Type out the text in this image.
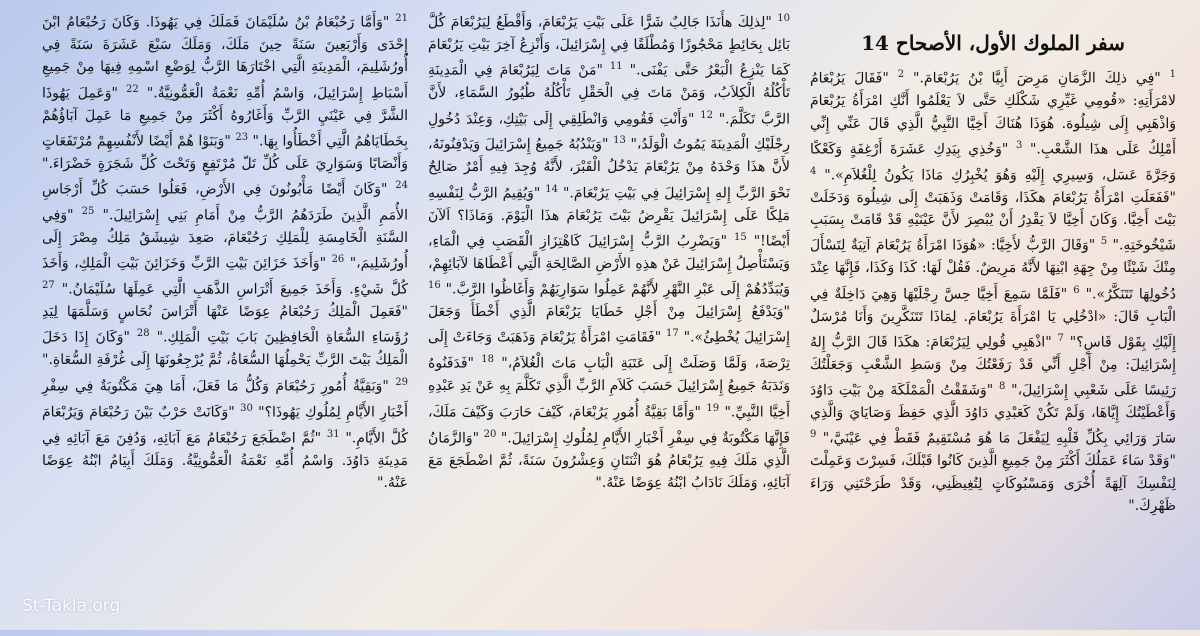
سفر الملوك الأول، الأصحاح 14
$^1$ "فِي ذلِكَ الزَّمَانِ مَرِضَ أَبِيَّا بْنُ يَرُبْعَامَ." $^2$ "فَقَالَ يَرُبْعَامُ لامْرَأَتِهِ: «قُومِي غَيِّرِي شَكْلَكِ حَتَّى لاَ يَعْلَمُوا أَنَّكِ امْرَأَةُ يَرُبْعَامَ وَاذْهَبِي إِلَى شِيلُوهَ. هُوَذَا هُنَاكَ أَخِيَّا النَّبِيُّ الَّذِي قَالَ عَنِّي إِنِّي أَمْلِكُ عَلَى هذَا الشَّعْبِ." $^3$ "وَخُذِي بِيَدِكِ عَشَرَةَ أَرْغِفَةٍ وَكَعْكًا وَجَرَّةَ عَسَل، وَسِيرِي إِلَيْهِ وَهُوَ يُخْبِرُكِ مَاذَا يَكُونُ لِلْغُلاَمِ»." $^4$ "فَفَعَلَتِ امْرَأَةُ يَرُبْعَامَ هكَذَا، وَقَامَتْ وَذَهَبَتْ إِلَى شِيلُوهَ وَدَخَلَتْ بَيْتَ أَخِيَّا. وَكَانَ أَخِيَّا لاَ يَقْدِرُ أَنْ يُبْصِرَ لأَنَّ عَيْنَيْهِ قَدْ قَامَتْ بِسَبَبِ شَيْخُوخَتِهِ." $^5$ "وَقَالَ الرَّبُّ لأَخِيَّا: «هُوَذَا امْرَأَةُ يَرُبْعَامَ آتِيَةٌ لِتَسْأَلَ مِنْكَ شَيْئًا مِنْ جِهَةِ ابْنِهَا لأَنَّهُ مَرِيضٌ. فَقُلْ لَهَا: كَذَا وَكَذَا، فَإِنَّهَا عِنْدَ دُخُولِهَا تَتَنَكَّرُ»." $^6$ "فَلَمَّا سَمِعَ أَخِيَّا حِسَّ رِجْلَيْهَا وَهِيَ دَاخِلَةٌ فِي الْبَابِ قَالَ: «ادْخُلِي يَا امْرَأَةَ يَرُبْعَامَ. لِمَاذَا تَتَنَكَّرِينَ وَأَنَا مُرْسَلٌ إِلَيْكِ بِقَوْل قَاسٍ؟" $^7$ "اذْهَبِي قُولِي لِيَرُبْعَامَ: هكَذَا قَالَ الرَّبُّ إِلهُ إِسْرَائِيلَ: مِنْ أَجْلِ أَنِّي قَدْ رَفَعْتُكَ مِنْ وَسَطِ الشَّعْبِ وَجَعَلْتُكَ رَئِيسًا عَلَى شَعْبِي إِسْرَائِيلَ،" $^8$ "وَشَقَقْتُ الْمَمْلَكَةَ مِنْ بَيْتِ دَاوُدَ وَأَعْطَيْتُكَ إِيَّاهَا، وَلَمْ تَكُنْ كَعَبْدِي دَاوُدَ الَّذِي حَفِظَ وَصَايَايَ وَالَّذِي سَارَ وَرَائِي بِكُلِّ قَلْبِهِ لِيَفْعَلَ مَا هُوَ مُسْتَقِيمٌ فَقَطْ فِي عَيْنَيَّ،" $^9$ "وَقَدْ سَاءَ عَمَلُكَ أَكْثَرَ مِنْ جَمِيعِ الَّذِينَ كَانُوا قَبْلَكَ، فَسِرْتَ وَعَمِلْتَ لِنَفْسِكَ آلِهَةً أُخْرَى وَمَسْبُوكَاتٍ لِتُغِيظَنِي، وَقَدْ طَرَحْتَنِي وَرَاءَ ظَهْرِكَ."
$^{10}$ "لِذلِكَ هأَنَذَا جَالِبٌ شَرًّا عَلَى بَيْتِ يَرُبْعَامَ، وَأَقْطَعُ لِيَرُبْعَامَ كُلَّ بَائِل بِحَائِطٍ مَحْجُوزًا وَمُطْلَقًا فِي إِسْرَائِيلَ، وَأَنْزِعُ آخِرَ بَيْتِ يَرُبْعَامَ كَمَا يَنْزِعُ الْبَعْرُ حَتَّى يَفْنَى." $^{11}$ "مَنْ مَاتَ لِيَرُبْعَامَ فِي الْمَدِينَةِ تَأْكُلُهُ الْكِلاَبُ، وَمَنْ مَاتَ فِي الْحَقْلِ تَأْكُلُهُ طُيُورُ السَّمَاءِ، لأَنَّ الرَّبَّ تَكَلَّمَ." $^{12}$ "وَأَنْتِ فَقُومِي وَانْطَلِقِي إِلَى بَيْتِكِ، وَعِنْدَ دُخُولِ رِجْلَيْكِ الْمَدِينَةَ يَمُوتُ الْوَلَدُ،" $^{13}$ "وَيَنْدُبُهُ جَمِيعُ إِسْرَائِيلَ وَيَدْفِنُونَهُ، لأَنَّ هذَا وَحْدَهُ مِنْ يَرُبْعَامَ يَدْخُلُ الْقَبْرَ، لأَنَّهُ وُجِدَ فِيهِ أَمْرٌ صَالِحٌ نَحْوَ الرَّبِّ إِلهِ إِسْرَائِيلَ فِي بَيْتِ يَرُبْعَامَ." $^{14}$ "وَيُقِيمُ الرَّبُّ لِنَفْسِهِ مَلِكًا عَلَى إِسْرَائِيلَ يَقْرِضُ بَيْتَ يَرُبْعَامَ هذَا الْيَوْمَ. وَمَاذَا؟ اَلآنَ أَيْضًا!" $^{15}$ "وَيَضْرِبُ الرَّبُّ إِسْرَائِيلَ كَاهْتِزَازِ الْقَصَبِ فِي الْمَاءِ، وَيَسْتَأْصِلُ إِسْرَائِيلَ عَنْ هذِهِ الأَرْضِ الصَّالِحَةِ الَّتِي أَعْطَاهَا لآبَائِهِمْ، وَيُبَدِّدُهُمْ إِلَى عَبْرِ النَّهْرِ لأَنَّهُمْ عَمِلُوا سَوَارِيَهُمْ وَأَغَاظُوا الرَّبَّ." $^{16}$ "وَيَدْفَعُ إِسْرَائِيلَ مِنْ أَجْلِ خَطَايَا يَرُبْعَامَ الَّذِي أَخْطَأَ وَجَعَلَ إِسْرَائِيلَ يُخْطِئُ»." $^{17}$ "فَقَامَتِ امْرَأَةُ يَرُبْعَامَ وَذَهَبَتْ وَجَاءَتْ إِلَى تِرْصَةَ، وَلَمَّا وَصَلَتْ إِلَى عَتَبَةِ الْبَابِ مَاتَ الْغُلاَمُ،" $^{18}$ "فَدَفَنُوهُ وَنَدَبَهُ جَمِيعُ إِسْرَائِيلَ حَسَبَ كَلاَمِ الرَّبِّ الَّذِي تَكَلَّمَ بِهِ عَنْ يَدِ عَبْدِهِ أَخِيَّا النَّبِيِّ." $^{19}$ "وَأَمَّا بَقِيَّةُ أُمُورِ يَرُبْعَامَ، كَيْفَ حَارَبَ وَكَيْفَ مَلَكَ، فَإِنَّهَا مَكْتُوبَةٌ فِي سِفْرِ أَخْبَارِ الأَيَّامِ لِمُلُوكِ إِسْرَائِيلَ." $^{20}$ "وَالزَّمَانُ الَّذِي مَلَكَ فِيهِ يَرُبْعَامُ هُوَ اثْنَتَانِ وَعِشْرُونَ سَنَةً، ثُمَّ اضْطَجَعَ مَعَ آبَائِهِ، وَمَلَكَ نَادَابُ ابْنُهُ عِوَضًا عَنْهُ."
$^{21}$ "وَأَمَّا رَحُبْعَامُ بْنُ سُلَيْمَانَ فَمَلَكَ فِي يَهُوذَا. وَكَانَ رَحُبْعَامُ ابْنَ إِحْدَى وَأَرْبَعِينَ سَنَةً حِينَ مَلَكَ، وَمَلَكَ سَبْعَ عَشَرَةَ سَنَةً فِي أُورُشَلِيمَ، الْمَدِينَةِ الَّتِي اخْتَارَهَا الرَّبُّ لِوَضْعِ اسْمِهِ فِيهَا مِنْ جَمِيعِ أَسْبَاطِ إِسْرَائِيلَ، وَاسْمُ أُمِّهِ نَعْمَةُ الْعَمُّونِيَّةُ." $^{22}$ "وَعَمِلَ يَهُوذَا الشَّرَّ فِي عَيْنَيِ الرَّبِّ وَأَغَارُوهُ أَكْثَرَ مِنْ جَمِيعِ مَا عَمِلَ آبَاؤُهُمْ بِخَطَايَاهُمُ الَّتِي أَخْطَأُوا بِهَا." $^{23}$ "وَبَنَوْا هُمْ أَيْضًا لأَنْفُسِهِمْ مُرْتَفَعَاتٍ وَأَنْصَابًا وَسَوَارِيَ عَلَى كُلِّ تَلّ مُرْتَفِعٍ وَتَحْتَ كُلِّ شَجَرَةٍ خَضْرَاءَ." $^{24}$ "وَكَانَ أَيْضًا مَأْبُونُونَ فِي الأَرْضِ، فَعَلُوا حَسَبَ كُلِّ أَرْجَاسِ الأُمَمِ الَّذِينَ طَرَدَهُمُ الرَّبُّ مِنْ أَمَامِ بَنِي إِسْرَائِيلَ." $^{25}$ "وَفِي السَّنَةِ الْخَامِسَةِ لِلْمَلِكِ رَحُبْعَامَ، صَعِدَ شِيشَقُ مَلِكُ مِصْرَ إِلَى أُورُشَلِيمَ،" $^{26}$ "وَأَخَذَ خَزَائِنَ بَيْتِ الرَّبِّ وَخَزَائِنَ بَيْتِ الْمَلِكِ، وَأَخَذَ كُلَّ شَيْءٍ. وَأَخَذَ جَمِيعَ أَتْرَاسِ الذَّهَبِ الَّتِي عَمِلَهَا سُلَيْمَانُ." $^{27}$ "فَعَمِلَ الْمَلِكُ رَحُبْعَامُ عِوَضًا عَنْهَا أَتْرَاسَ نُحَاسٍ وَسَلَّمَهَا لِيَدِ رُؤَسَاءِ السُّعَاةِ الْحَافِظِينَ بَابَ بَيْتِ الْمَلِكِ." $^{28}$ "وَكَانَ إِذَا دَخَلَ الْمَلِكُ بَيْتَ الرَّبِّ يَحْمِلُهَا السُّعَاةُ، ثُمَّ يُرْجِعُونَهَا إِلَى غُرْفَةِ السُّعَاةِ." $^{29}$ "وَبَقِيَّةُ أُمُورِ رَحُبْعَامَ وَكُلُّ مَا فَعَلَ، أَمَا هِيَ مَكْتُوبَةٌ فِي سِفْرِ أَخْبَارِ الأَيَّامِ لِمُلُوكِ يَهُوذَا؟" $^{30}$ "وَكَانَتْ حَرْبٌ بَيْنَ رَحُبْعَامَ وَيَرُبْعَامَ كُلَّ الأَيَّامِ." $^{31}$ "ثُمَّ اضْطَجَعَ رَحُبْعَامُ مَعَ آبَائِهِ، وَدُفِنَ مَعَ آبَائِهِ فِي مَدِينَةِ دَاوُدَ. وَاسْمُ أُمِّهِ نَعْمَةُ الْعَمُّونِيَّةُ. وَمَلَكَ أَبِيَامُ ابْنُهُ عِوَضًا عَنْهُ."
St-Takla.org
